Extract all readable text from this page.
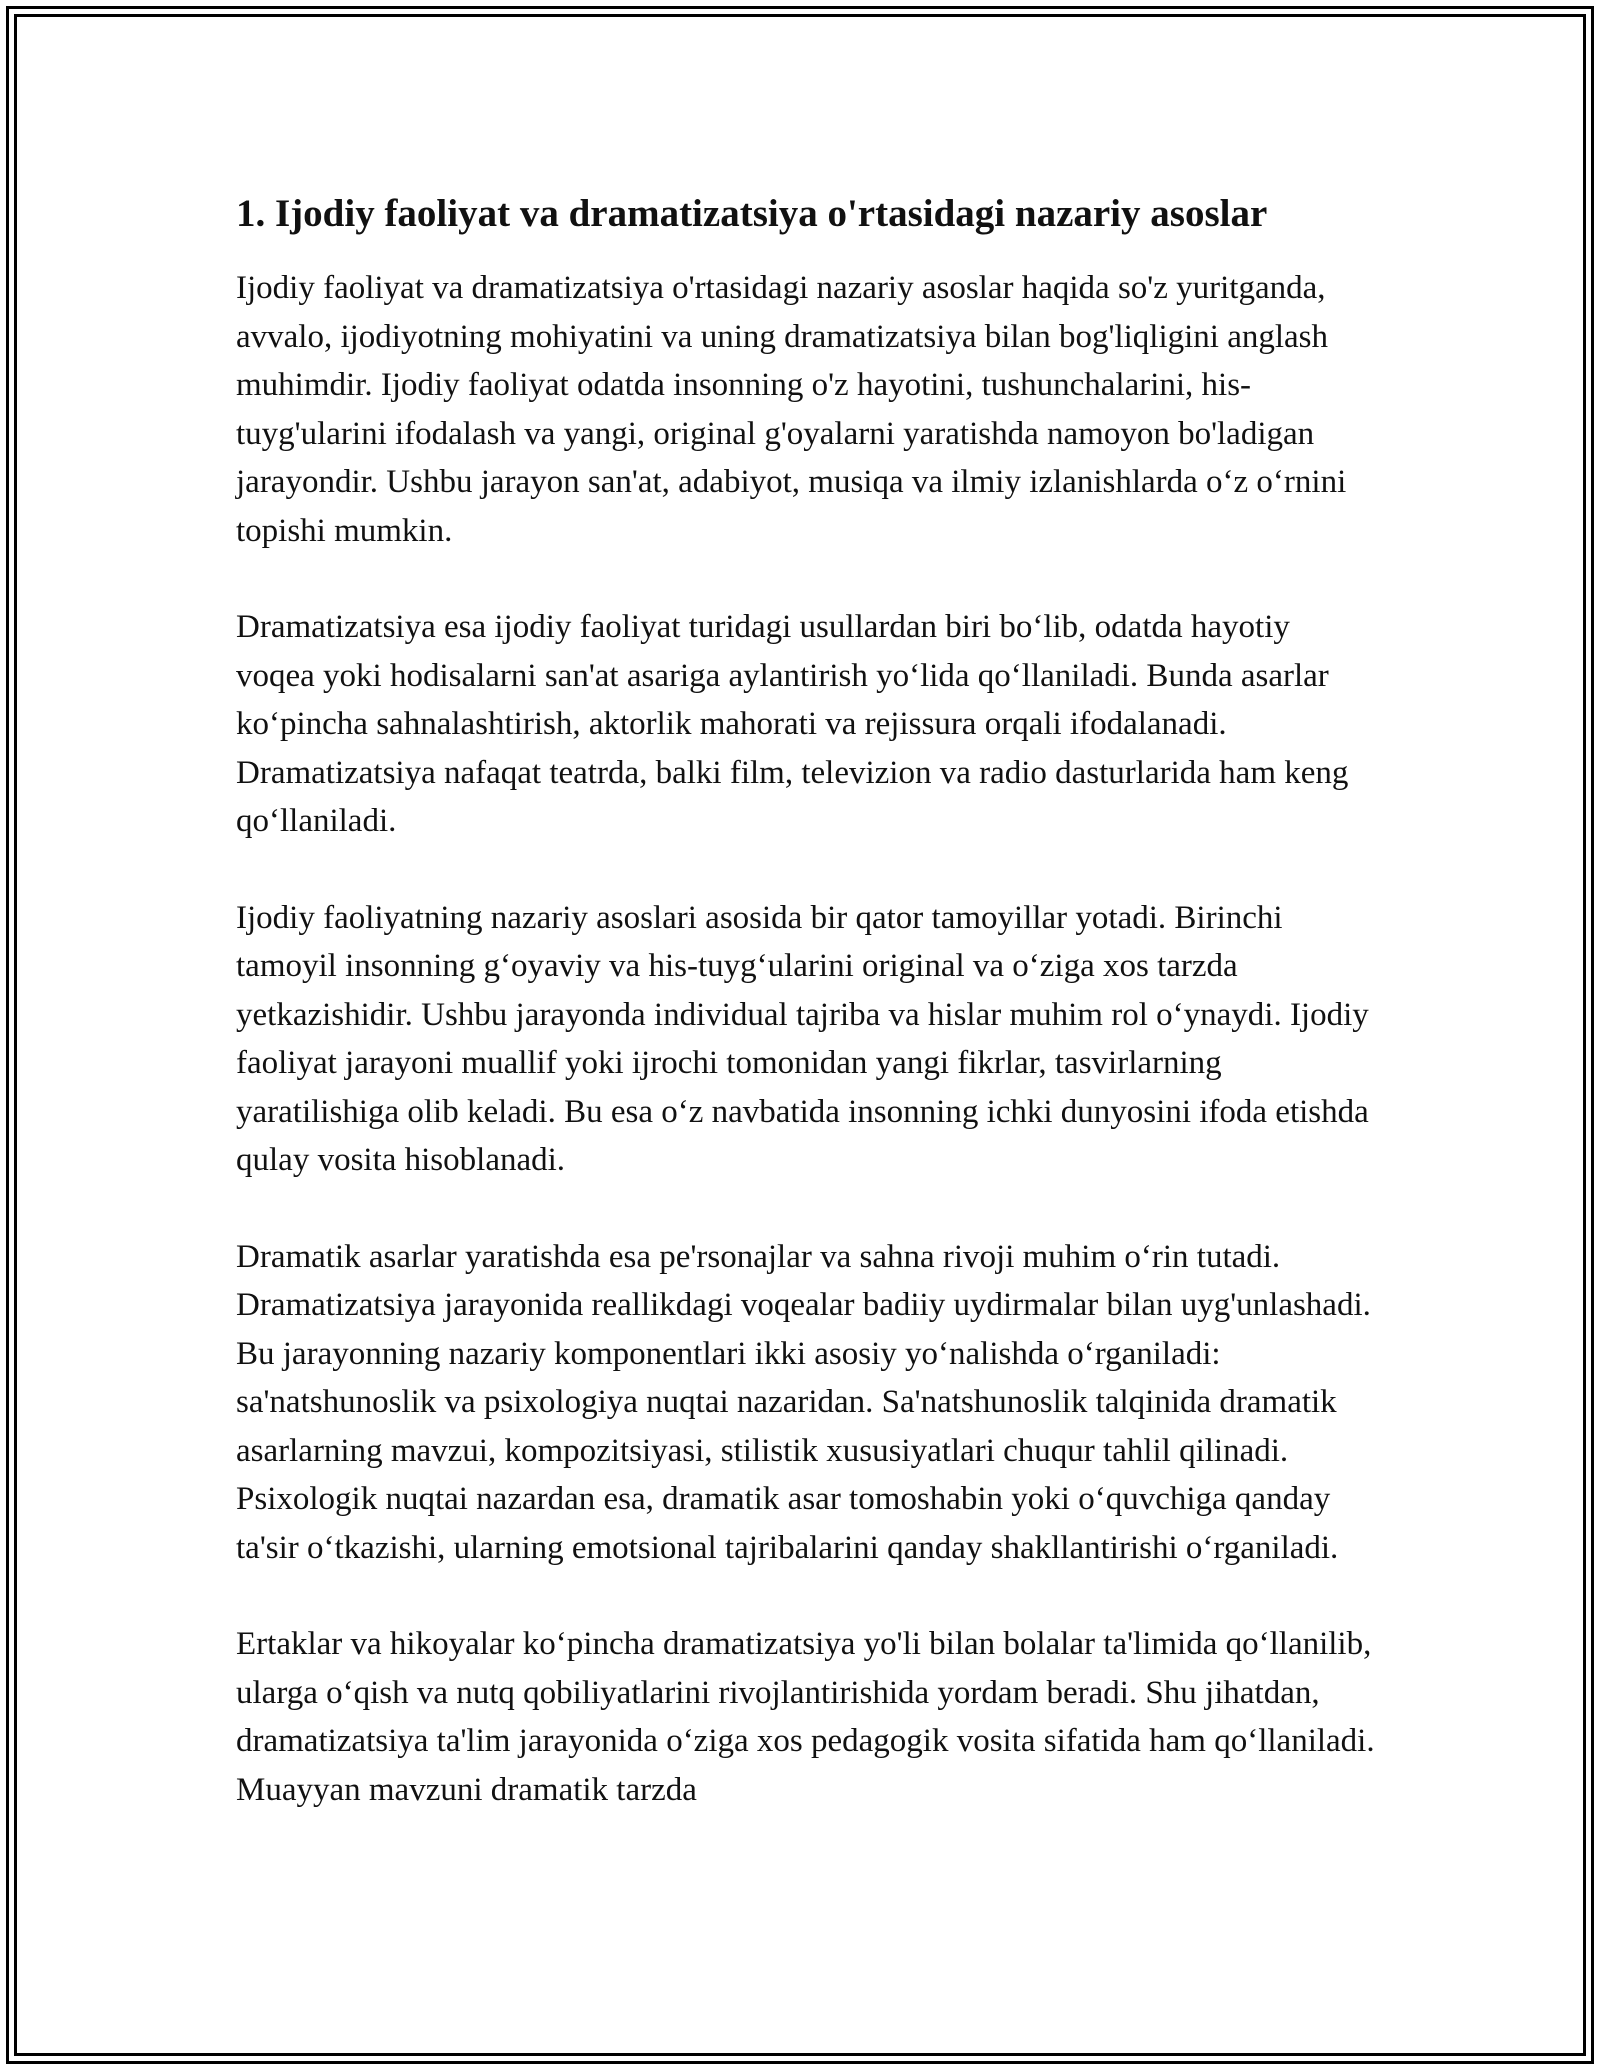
1. Ijodiy faoliyat va dramatizatsiya o'rtasidagi nazariy asoslar

Ijodiy faoliyat va dramatizatsiya o'rtasidagi nazariy asoslar haqida so'z yuritganda, avvalo, ijodiyotning mohiyatini va uning dramatizatsiya bilan bog'liqligini anglash muhimdir. Ijodiy faoliyat odatda insonning o'z hayotini, tushunchalarini, his-tuyg'ularini ifodalash va yangi, original g'oyalarni yaratishda namoyon bo'ladigan jarayondir. Ushbu jarayon san'at, adabiyot, musiqa va ilmiy izlanishlarda o‘z o‘rnini topishi mumkin.

Dramatizatsiya esa ijodiy faoliyat turidagi usullardan biri bo‘lib, odatda hayotiy voqea yoki hodisalarni san'at asariga aylantirish yo‘lida qo‘llaniladi. Bunda asarlar ko‘pincha sahnalashtirish, aktorlik mahorati va rejissura orqali ifodalanadi. Dramatizatsiya nafaqat teatrda, balki film, televizion va radio dasturlarida ham keng qo‘llaniladi.

Ijodiy faoliyatning nazariy asoslari asosida bir qator tamoyillar yotadi. Birinchi tamoyil insonning g‘oyaviy va his-tuyg‘ularini original va o‘ziga xos tarzda yetkazishidir. Ushbu jarayonda individual tajriba va hislar muhim rol o‘ynaydi. Ijodiy faoliyat jarayoni muallif yoki ijrochi tomonidan yangi fikrlar, tasvirlarning yaratilishiga olib keladi. Bu esa o‘z navbatida insonning ichki dunyosini ifoda etishda qulay vosita hisoblanadi.

Dramatik asarlar yaratishda esa pe'rsonajlar va sahna rivoji muhim o‘rin tutadi. Dramatizatsiya jarayonida reallikdagi voqealar badiiy uydirmalar bilan uyg'unlashadi. Bu jarayonning nazariy komponentlari ikki asosiy yo‘nalishda o‘rganiladi: sa'natshunoslik va psixologiya nuqtai nazaridan. Sa'natshunoslik talqinida dramatik asarlarning mavzui, kompozitsiyasi, stilistik xususiyatlari chuqur tahlil qilinadi. Psixologik nuqtai nazardan esa, dramatik asar tomoshabin yoki o‘quvchiga qanday ta'sir o‘tkazishi, ularning emotsional tajribalarini qanday shakllantirishi o‘rganiladi.

Ertaklar va hikoyalar ko‘pincha dramatizatsiya yo'li bilan bolalar ta'limida qo‘llanilib, ularga o‘qish va nutq qobiliyatlarini rivojlantirishida yordam beradi. Shu jihatdan, dramatizatsiya ta'lim jarayonida o‘ziga xos pedagogik vosita sifatida ham qo‘llaniladi. Muayyan mavzuni dramatik tarzda
